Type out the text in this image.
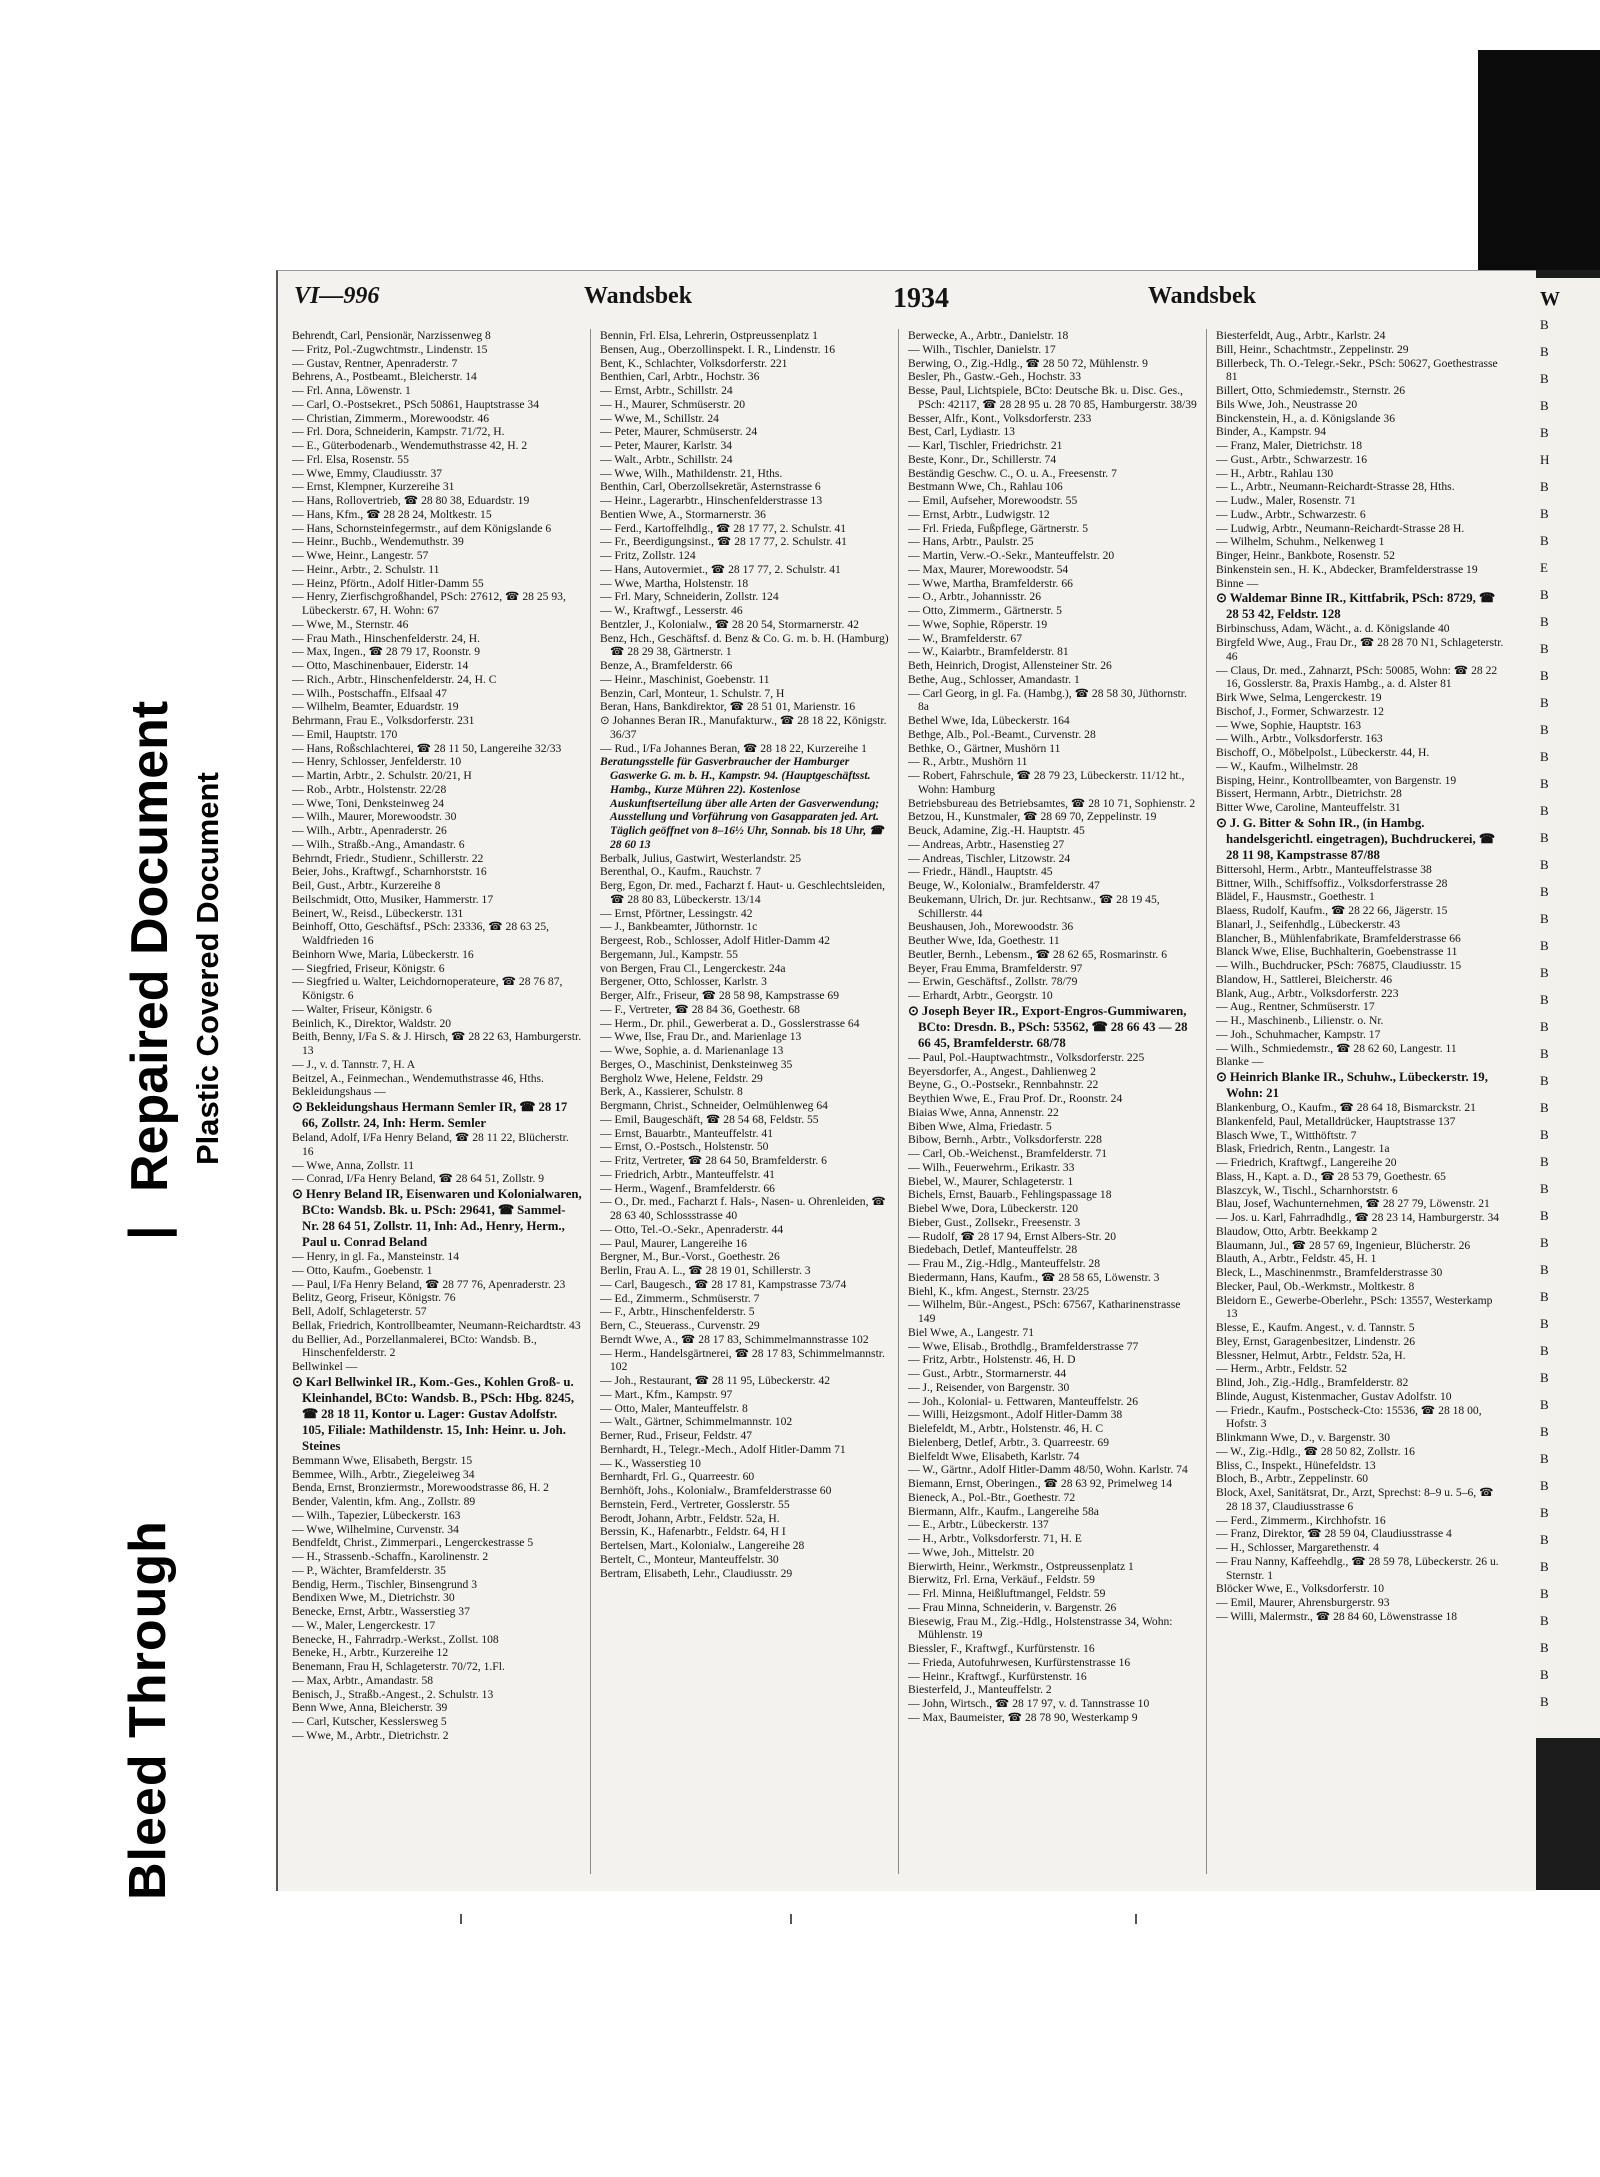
W
B
B
B
B
B
H
B
B
B
E
B
B
B
B
B
B
B
B
B
B
B
B
B
B
B
B
B
B
B
B
B
B
B
B
B
B
B
B
B
B
B
B
B
B
B
B
B
B
B
B
B
B
Bleed Through
|
Repaired Document Plastic Covered Document
VI—996	Wandsbek	1934	Wandsbek

Behrendt, Carl, Pensionär, Narzissenweg 8

— Fritz, Pol.-Zugwchtmstr., Lindenstr. 15

— Gustav, Rentner, Apenraderstr. 7

Behrens, A., Postbeamt., Bleicherstr. 14

— Frl. Anna, Löwenstr. 1

— Carl, O.-Postsekret., PSch 50861, Hauptstrasse 34

— Christian, Zimmerm., Morewoodstr. 46

— Frl. Dora, Schneiderin, Kampstr. 71/72, H.

— E., Güterbodenarb., Wendemuthstrasse 42, H. 2

— Frl. Elsa, Rosenstr. 55

— Wwe, Emmy, Claudiusstr. 37

— Ernst, Klempner, Kurzereihe 31

— Hans, Rollovertrieb, ☎ 28 80 38, Eduardstr. 19

— Hans, Kfm., ☎ 28 28 24, Moltkestr. 15

— Hans, Schornsteinfegermstr., auf dem Königslande 6

— Heinr., Buchb., Wendemuthstr. 39

— Wwe, Heinr., Langestr. 57

— Heinr., Arbtr., 2. Schulstr. 11

— Heinz, Pförtn., Adolf Hitler-Damm 55

— Henry, Zierfischgroßhandel, PSch: 27612, ☎ 28 25 93, Lübeckerstr. 67, H. Wohn: 67

— Wwe, M., Sternstr. 46

— Frau Math., Hinschenfelderstr. 24, H.

— Max, Ingen., ☎ 28 79 17, Roonstr. 9

— Otto, Maschinenbauer, Eiderstr. 14

— Rich., Arbtr., Hinschenfelderstr. 24, H. C

— Wilh., Postschaffn., Elfsaal 47

— Wilhelm, Beamter, Eduardstr. 19

Behrmann, Frau E., Volksdorferstr. 231

— Emil, Hauptstr. 170

— Hans, Roßschlachterei, ☎ 28 11 50, Langereihe 32/33

— Henry, Schlosser, Jenfelderstr. 10

— Martin, Arbtr., 2. Schulstr. 20/21, H

— Rob., Arbtr., Holstenstr. 22/28

— Wwe, Toni, Denksteinweg 24

— Wilh., Maurer, Morewoodstr. 30

— Wilh., Arbtr., Apenraderstr. 26

— Wilh., Straßb.-Ang., Amandastr. 6

Behrndt, Friedr., Studienr., Schillerstr. 22

Beier, Johs., Kraftwgf., Scharnhorststr. 16

Beil, Gust., Arbtr., Kurzereihe 8

Beilschmidt, Otto, Musiker, Hammerstr. 17

Beinert, W., Reisd., Lübeckerstr. 131

Beinhoff, Otto, Geschäftsf., PSch: 23336, ☎ 28 63 25, Waldfrieden 16

Beinhorn Wwe, Maria, Lübeckerstr. 16

— Siegfried, Friseur, Königstr. 6

— Siegfried u. Walter, Leichdornoperateure, ☎ 28 76 87, Königstr. 6

— Walter, Friseur, Königstr. 6

Beinlich, K., Direktor, Waldstr. 20

Beith, Benny, I/Fa S. & J. Hirsch, ☎ 28 22 63, Hamburgerstr. 13

— J., v. d. Tannstr. 7, H. A

Beitzel, A., Feinmechan., Wendemuthstrasse 46, Hths.

Bekleidungshaus —

⊙ Bekleidungshaus Hermann Semler IR, ☎ 28 17 66, Zollstr. 24, Inh: Herm. Semler

Beland, Adolf, I/Fa Henry Beland, ☎ 28 11 22, Blücherstr. 16

— Wwe, Anna, Zollstr. 11

— Conrad, I/Fa Henry Beland, ☎ 28 64 51, Zollstr. 9

⊙ Henry Beland IR, Eisenwaren und Kolonialwaren, BCto: Wandsb. Bk. u. PSch: 29641, ☎ Sammel-Nr. 28 64 51, Zollstr. 11, Inh: Ad., Henry, Herm., Paul u. Conrad Beland

— Henry, in gl. Fa., Mansteinstr. 14

— Otto, Kaufm., Goebenstr. 1

— Paul, I/Fa Henry Beland, ☎ 28 77 76, Apenraderstr. 23

Belitz, Georg, Friseur, Königstr. 76

Bell, Adolf, Schlageterstr. 57

Bellak, Friedrich, Kontrollbeamter, Neumann-Reichardtstr. 43

du Bellier, Ad., Porzellanmalerei, BCto: Wandsb. B., Hinschenfelderstr. 2

Bellwinkel —

⊙ Karl Bellwinkel IR., Kom.-Ges., Kohlen Groß- u. Kleinhandel, BCto: Wandsb. B., PSch: Hbg. 8245, ☎ 28 18 11, Kontor u. Lager: Gustav Adolfstr. 105, Filiale: Mathildenstr. 15, Inh: Heinr. u. Joh. Steines

Bemmann Wwe, Elisabeth, Bergstr. 15

Bemmee, Wilh., Arbtr., Ziegeleiweg 34

Benda, Ernst, Bronziermstr., Morewoodstrasse 86, H. 2

Bender, Valentin, kfm. Ang., Zollstr. 89

— Wilh., Tapezier, Lübeckerstr. 163

— Wwe, Wilhelmine, Curvenstr. 34

Bendfeldt, Christ., Zimmerpari., Lengerckestrasse 5

— H., Strassenb.-Schaffn., Karolinenstr. 2

— P., Wächter, Bramfelderstr. 35

Bendig, Herm., Tischler, Binsengrund 3

Bendixen Wwe, M., Dietrichstr. 30

Benecke, Ernst, Arbtr., Wasserstieg 37

— W., Maler, Lengerckestr. 17

Benecke, H., Fahrradrp.-Werkst., Zollst. 108

Beneke, H., Arbtr., Kurzereihe 12

Benemann, Frau H, Schlageterstr. 70/72, 1.Fl.

— Max, Arbtr., Amandastr. 58

Benisch, J., Straßb.-Angest., 2. Schulstr. 13

Benn Wwe, Anna, Bleicherstr. 39

— Carl, Kutscher, Kesslersweg 5

— Wwe, M., Arbtr., Dietrichstr. 2

Bennin, Frl. Elsa, Lehrerin, Ostpreussenplatz 1

Bensen, Aug., Oberzollinspekt. I. R., Lindenstr. 16

Bent, K., Schlachter, Volksdorferstr. 221

Benthien, Carl, Arbtr., Hochstr. 36

— Ernst, Arbtr., Schillstr. 24

— H., Maurer, Schmüserstr. 20

— Wwe, M., Schillstr. 24

— Peter, Maurer, Schmüserstr. 24

— Peter, Maurer, Karlstr. 34

— Walt., Arbtr., Schillstr. 24

— Wwe, Wilh., Mathildenstr. 21, Hths.

Benthin, Carl, Oberzollsekretär, Asternstrasse 6

— Heinr., Lagerarbtr., Hinschenfelderstrasse 13

Bentien Wwe, A., Stormarnerstr. 36

— Ferd., Kartoffelhdlg., ☎ 28 17 77, 2. Schulstr. 41

— Fr., Beerdigungsinst., ☎ 28 17 77, 2. Schulstr. 41

— Fritz, Zollstr. 124

— Hans, Autovermiet., ☎ 28 17 77, 2. Schulstr. 41

— Wwe, Martha, Holstenstr. 18

— Frl. Mary, Schneiderin, Zollstr. 124

— W., Kraftwgf., Lesserstr. 46

Bentzler, J., Kolonialw., ☎ 28 20 54, Stormarnerstr. 42

Benz, Hch., Geschäftsf. d. Benz & Co. G. m. b. H. (Hamburg) ☎ 28 29 38, Gärtnerstr. 1

Benze, A., Bramfelderstr. 66

— Heinr., Maschinist, Goebenstr. 11

Benzin, Carl, Monteur, 1. Schulstr. 7, H

Beran, Hans, Bankdirektor, ☎ 28 51 01, Marienstr. 16

⊙ Johannes Beran IR., Manufakturw., ☎ 28 18 22, Königstr. 36/37

— Rud., I/Fa Johannes Beran, ☎ 28 18 22, Kurzereihe 1

Beratungsstelle für Gasverbraucher der Hamburger Gaswerke G. m. b. H., Kampstr. 94. (Hauptgeschäftsst. Hambg., Kurze Mühren 22). Kostenlose Auskunftserteilung über alle Arten der Gasverwendung; Ausstellung und Vorführung von Gasapparaten jed. Art. Täglich geöffnet von 8–16½ Uhr, Sonnab. bis 18 Uhr, ☎ 28 60 13

Berbalk, Julius, Gastwirt, Westerlandstr. 25

Berenthal, O., Kaufm., Rauchstr. 7

Berg, Egon, Dr. med., Facharzt f. Haut- u. Geschlechtsleiden, ☎ 28 80 83, Lübeckerstr. 13/14

— Ernst, Pförtner, Lessingstr. 42

— J., Bankbeamter, Jüthornstr. 1c

Bergeest, Rob., Schlosser, Adolf Hitler-Damm 42

Bergemann, Jul., Kampstr. 55

von Bergen, Frau Cl., Lengerckestr. 24a

Bergener, Otto, Schlosser, Karlstr. 3

Berger, Alfr., Friseur, ☎ 28 58 98, Kampstrasse 69

— F., Vertreter, ☎ 28 84 36, Goethestr. 68

— Herm., Dr. phil., Gewerberat a. D., Gosslerstrasse 64

— Wwe, Ilse, Frau Dr., and. Marienlage 13

— Wwe, Sophie, a. d. Marienanlage 13

Berges, O., Maschinist, Denksteinweg 35

Bergholz Wwe, Helene, Feldstr. 29

Berk, A., Kassierer, Schulstr. 8

Bergmann, Christ., Schneider, Oelmühlenweg 64

— Emil, Baugeschäft, ☎ 28 54 68, Feldstr. 55

— Ernst, Bauarbtr., Manteuffelstr. 41

— Ernst, O.-Postsch., Holstenstr. 50

— Fritz, Vertreter, ☎ 28 64 50, Bramfelderstr. 6

— Friedrich, Arbtr., Manteuffelstr. 41

— Herm., Wagenf., Bramfelderstr. 66

— O., Dr. med., Facharzt f. Hals-, Nasen- u. Ohrenleiden, ☎ 28 63 40, Schlossstrasse 40

— Otto, Tel.-O.-Sekr., Apenraderstr. 44

— Paul, Maurer, Langereihe 16

Bergner, M., Bur.-Vorst., Goethestr. 26

Berlin, Frau A. L., ☎ 28 19 01, Schillerstr. 3

— Carl, Baugesch., ☎ 28 17 81, Kampstrasse 73/74

— Ed., Zimmerm., Schmüserstr. 7

— F., Arbtr., Hinschenfelderstr. 5

Bern, C., Steuerass., Curvenstr. 29

Berndt Wwe, A., ☎ 28 17 83, Schimmelmannstrasse 102

— Herm., Handelsgärtnerei, ☎ 28 17 83, Schimmelmannstr. 102

— Joh., Restaurant, ☎ 28 11 95, Lübeckerstr. 42

— Mart., Kfm., Kampstr. 97

— Otto, Maler, Manteuffelstr. 8

— Walt., Gärtner, Schimmelmannstr. 102

Berner, Rud., Friseur, Feldstr. 47

Bernhardt, H., Telegr.-Mech., Adolf Hitler-Damm 71

— K., Wasserstieg 10

Bernhardt, Frl. G., Quarreestr. 60

Bernhöft, Johs., Kolonialw., Bramfelderstrasse 60

Bernstein, Ferd., Vertreter, Gosslerstr. 55

Berodt, Johann, Arbtr., Feldstr. 52a, H.

Berssin, K., Hafenarbtr., Feldstr. 64, H I

Bertelsen, Mart., Kolonialw., Langereihe 28

Bertelt, C., Monteur, Manteuffelstr. 30

Bertram, Elisabeth, Lehr., Claudiusstr. 29

Berwecke, A., Arbtr., Danielstr. 18

— Wilh., Tischler, Danielstr. 17

Berwing, O., Zig.-Hdlg., ☎ 28 50 72, Mühlenstr. 9

Besler, Ph., Gastw.-Geh., Hochstr. 33

Besse, Paul, Lichtspiele, BCto: Deutsche Bk. u. Disc. Ges., PSch: 42117, ☎ 28 28 95 u. 28 70 85, Hamburgerstr. 38/39

Besser, Alfr., Kont., Volksdorferstr. 233

Best, Carl, Lydiastr. 13

— Karl, Tischler, Friedrichstr. 21

Beste, Konr., Dr., Schillerstr. 74

Beständig Geschw. C., O. u. A., Freesenstr. 7

Bestmann Wwe, Ch., Rahlau 106

— Emil, Aufseher, Morewoodstr. 55

— Ernst, Arbtr., Ludwigstr. 12

— Frl. Frieda, Fußpflege, Gärtnerstr. 5

— Hans, Arbtr., Paulstr. 25

— Martin, Verw.-O.-Sekr., Manteuffelstr. 20

— Max, Maurer, Morewoodstr. 54

— Wwe, Martha, Bramfelderstr. 66

— O., Arbtr., Johannisstr. 26

— Otto, Zimmerm., Gärtnerstr. 5

— Wwe, Sophie, Röperstr. 19

— W., Bramfelderstr. 67

— W., Kaiarbtr., Bramfelderstr. 81

Beth, Heinrich, Drogist, Allensteiner Str. 26

Bethe, Aug., Schlosser, Amandastr. 1

— Carl Georg, in gl. Fa. (Hambg.), ☎ 28 58 30, Jüthornstr. 8a

Bethel Wwe, Ida, Lübeckerstr. 164

Bethge, Alb., Pol.-Beamt., Curvenstr. 28

Bethke, O., Gärtner, Mushörn 11

— R., Arbtr., Mushörn 11

— Robert, Fahrschule, ☎ 28 79 23, Lübeckerstr. 11/12 ht., Wohn: Hamburg

Betriebsbureau des Betriebsamtes, ☎ 28 10 71, Sophienstr. 2

Betzou, H., Kunstmaler, ☎ 28 69 70, Zeppelinstr. 19

Beuck, Adamine, Zig.-H. Hauptstr. 45

— Andreas, Arbtr., Hasenstieg 27

— Andreas, Tischler, Litzowstr. 24

— Friedr., Händl., Hauptstr. 45

Beuge, W., Kolonialw., Bramfelderstr. 47

Beukemann, Ulrich, Dr. jur. Rechtsanw., ☎ 28 19 45, Schillerstr. 44

Beushausen, Joh., Morewoodstr. 36

Beuther Wwe, Ida, Goethestr. 11

Beutler, Bernh., Lebensm., ☎ 28 62 65, Rosmarinstr. 6

Beyer, Frau Emma, Bramfelderstr. 97

— Erwin, Geschäftsf., Zollstr. 78/79

— Erhardt, Arbtr., Georgstr. 10

⊙ Joseph Beyer IR., Export-Engros-Gummiwaren, BCto: Dresdn. B., PSch: 53562, ☎ 28 66 43 — 28 66 45, Bramfelderstr. 68/78

— Paul, Pol.-Hauptwachtmstr., Volksdorferstr. 225

Beyersdorfer, A., Angest., Dahlienweg 2

Beyne, G., O.-Postsekr., Rennbahnstr. 22

Beythien Wwe, E., Frau Prof. Dr., Roonstr. 24

Biaias Wwe, Anna, Annenstr. 22

Biben Wwe, Alma, Friedastr. 5

Bibow, Bernh., Arbtr., Volksdorferstr. 228

— Carl, Ob.-Weichenst., Bramfelderstr. 71

— Wilh., Feuerwehrm., Erikastr. 33

Biebel, W., Maurer, Schlageterstr. 1

Bichels, Ernst, Bauarb., Fehlingspassage 18

Biebel Wwe, Dora, Lübeckerstr. 120

Bieber, Gust., Zollsekr., Freesenstr. 3

— Rudolf, ☎ 28 17 94, Ernst Albers-Str. 20

Biedebach, Detlef, Manteuffelstr. 28

— Frau M., Zig.-Hdlg., Manteuffelstr. 28

Biedermann, Hans, Kaufm., ☎ 28 58 65, Löwenstr. 3

Biehl, K., kfm. Angest., Sternstr. 23/25

— Wilhelm, Bür.-Angest., PSch: 67567, Katharinenstrasse 149

Biel Wwe, A., Langestr. 71

— Wwe, Elisab., Brothdlg., Bramfelderstrasse 77

— Fritz, Arbtr., Holstenstr. 46, H. D

— Gust., Arbtr., Stormarnerstr. 44

— J., Reisender, von Bargenstr. 30

— Joh., Kolonial- u. Fettwaren, Manteuffelstr. 26

— Willi, Heizgsmont., Adolf Hitler-Damm 38

Bielefeldt, M., Arbtr., Holstenstr. 46, H. C

Bielenberg, Detlef, Arbtr., 3. Quarreestr. 69

Bielfeldt Wwe, Elisabeth, Karlstr. 74

— W., Gärtnr., Adolf Hitler-Damm 48/50, Wohn. Karlstr. 74

Biemann, Ernst, Oberingen., ☎ 28 63 92, Primelweg 14

Bieneck, A., Pol.-Btr., Goethestr. 72

Biermann, Alfr., Kaufm., Langereihe 58a

— E., Arbtr., Lübeckerstr. 137

— H., Arbtr., Volksdorferstr. 71, H. E

— Wwe, Joh., Mittelstr. 20

Bierwirth, Heinr., Werkmstr., Ostpreussenplatz 1

Bierwitz, Frl. Erna, Verkäuf., Feldstr. 59

— Frl. Minna, Heißluftmangel, Feldstr. 59

— Frau Minna, Schneiderin, v. Bargenstr. 26

Biesewig, Frau M., Zig.-Hdlg., Holstenstrasse 34, Wohn: Mühlenstr. 19

Biessler, F., Kraftwgf., Kurfürstenstr. 16

— Frieda, Autofuhrwesen, Kurfürstenstrasse 16

— Heinr., Kraftwgf., Kurfürstenstr. 16

Biesterfeld, J., Manteuffelstr. 2

— John, Wirtsch., ☎ 28 17 97, v. d. Tannstrasse 10

— Max, Baumeister, ☎ 28 78 90, Westerkamp 9

Biesterfeldt, Aug., Arbtr., Karlstr. 24

Bill, Heinr., Schachtmstr., Zeppelinstr. 29

Billerbeck, Th. O.-Telegr.-Sekr., PSch: 50627, Goethestrasse 81

Billert, Otto, Schmiedemstr., Sternstr. 26

Bils Wwe, Joh., Neustrasse 20

Binckenstein, H., a. d. Königslande 36

Binder, A., Kampstr. 94

— Franz, Maler, Dietrichstr. 18

— Gust., Arbtr., Schwarzestr. 16

— H., Arbtr., Rahlau 130

— L., Arbtr., Neumann-Reichardt-Strasse 28, Hths.

— Ludw., Maler, Rosenstr. 71

— Ludw., Arbtr., Schwarzestr. 6

— Ludwig, Arbtr., Neumann-Reichardt-Strasse 28 H.

— Wilhelm, Schuhm., Nelkenweg 1

Binger, Heinr., Bankbote, Rosenstr. 52

Binkenstein sen., H. K., Abdecker, Bramfelderstrasse 19

Binne —

⊙ Waldemar Binne IR., Kittfabrik, PSch: 8729, ☎ 28 53 42, Feldstr. 128

Birbinschuss, Adam, Wächt., a. d. Königslande 40

Birgfeld Wwe, Aug., Frau Dr., ☎ 28 28 70 N1, Schlageterstr. 46

— Claus, Dr. med., Zahnarzt, PSch: 50085, Wohn: ☎ 28 22 16, Gosslerstr. 8a, Praxis Hambg., a. d. Alster 81

Birk Wwe, Selma, Lengerckestr. 19

Bischof, J., Former, Schwarzestr. 12

— Wwe, Sophie, Hauptstr. 163

— Wilh., Arbtr., Volksdorferstr. 163

Bischoff, O., Möbelpolst., Lübeckerstr. 44, H.

— W., Kaufm., Wilhelmstr. 28

Bisping, Heinr., Kontrollbeamter, von Bargenstr. 19

Bissert, Hermann, Arbtr., Dietrichstr. 28

Bitter Wwe, Caroline, Manteuffelstr. 31

⊙ J. G. Bitter & Sohn IR., (in Hambg. handelsgerichtl. eingetragen), Buchdruckerei, ☎ 28 11 98, Kampstrasse 87/88

Bittersohl, Herm., Arbtr., Manteuffelstrasse 38

Bittner, Wilh., Schiffsoffiz., Volksdorferstrasse 28

Blädel, F., Hausmstr., Goethestr. 1

Blaess, Rudolf, Kaufm., ☎ 28 22 66, Jägerstr. 15

Blanarl, J., Seifenhdlg., Lübeckerstr. 43

Blancher, B., Mühlenfabrikate, Bramfelderstrasse 66

Blanck Wwe, Elise, Buchhalterin, Goebenstrasse 11

— Wilh., Buchdrucker, PSch: 76875, Claudiusstr. 15

Blandow, H., Sattlerei, Bleicherstr. 46

Blank, Aug., Arbtr., Volksdorferstr. 223

— Aug., Rentner, Schmüserstr. 17

— H., Maschinenb., Lilienstr. o. Nr.

— Joh., Schuhmacher, Kampstr. 17

— Wilh., Schmiedemstr., ☎ 28 62 60, Langestr. 11

Blanke —

⊙ Heinrich Blanke IR., Schuhw., Lübeckerstr. 19, Wohn: 21

Blankenburg, O., Kaufm., ☎ 28 64 18, Bismarckstr. 21

Blankenfeld, Paul, Metalldrücker, Hauptstrasse 137

Blasch Wwe, T., Witthöftstr. 7

Blask, Friedrich, Rentn., Langestr. 1a

— Friedrich, Kraftwgf., Langereihe 20

Blass, H., Kapt. a. D., ☎ 28 53 79, Goethestr. 65

Blaszcyk, W., Tischl., Scharnhorststr. 6

Blau, Josef, Wachunternehmen, ☎ 28 27 79, Löwenstr. 21

— Jos. u. Karl, Fahrradhdlg., ☎ 28 23 14, Hamburgerstr. 34

Blaudow, Otto, Arbtr. Beekkamp 2

Blaumann, Jul., ☎ 28 57 69, Ingenieur, Blücherstr. 26

Blauth, A., Arbtr., Feldstr. 45, H. 1

Bleck, L., Maschinenmstr., Bramfelderstrasse 30

Blecker, Paul, Ob.-Werkmstr., Moltkestr. 8

Bleidorn E., Gewerbe-Oberlehr., PSch: 13557, Westerkamp 13

Blesse, E., Kaufm. Angest., v. d. Tannstr. 5

Bley, Ernst, Garagenbesitzer, Lindenstr. 26

Blessner, Helmut, Arbtr., Feldstr. 52a, H.

— Herm., Arbtr., Feldstr. 52

Blind, Joh., Zig.-Hdlg., Bramfelderstr. 82

Blinde, August, Kistenmacher, Gustav Adolfstr. 10

— Friedr., Kaufm., Postscheck-Cto: 15536, ☎ 28 18 00, Hofstr. 3

Blinkmann Wwe, D., v. Bargenstr. 30

— W., Zig.-Hdlg., ☎ 28 50 82, Zollstr. 16

Bliss, C., Inspekt., Hünefeldstr. 13

Bloch, B., Arbtr., Zeppelinstr. 60

Block, Axel, Sanitätsrat, Dr., Arzt, Sprechst: 8–9 u. 5–6, ☎ 28 18 37, Claudiusstrasse 6

— Ferd., Zimmerm., Kirchhofstr. 16

— Franz, Direktor, ☎ 28 59 04, Claudiusstrasse 4

— H., Schlosser, Margarethenstr. 4

— Frau Nanny, Kaffeehdlg., ☎ 28 59 78, Lübeckerstr. 26 u. Sternstr. 1

Blöcker Wwe, E., Volksdorferstr. 10

— Emil, Maurer, Ahrensburgerstr. 93

— Willi, Malermstr., ☎ 28 84 60, Löwenstrasse 18
